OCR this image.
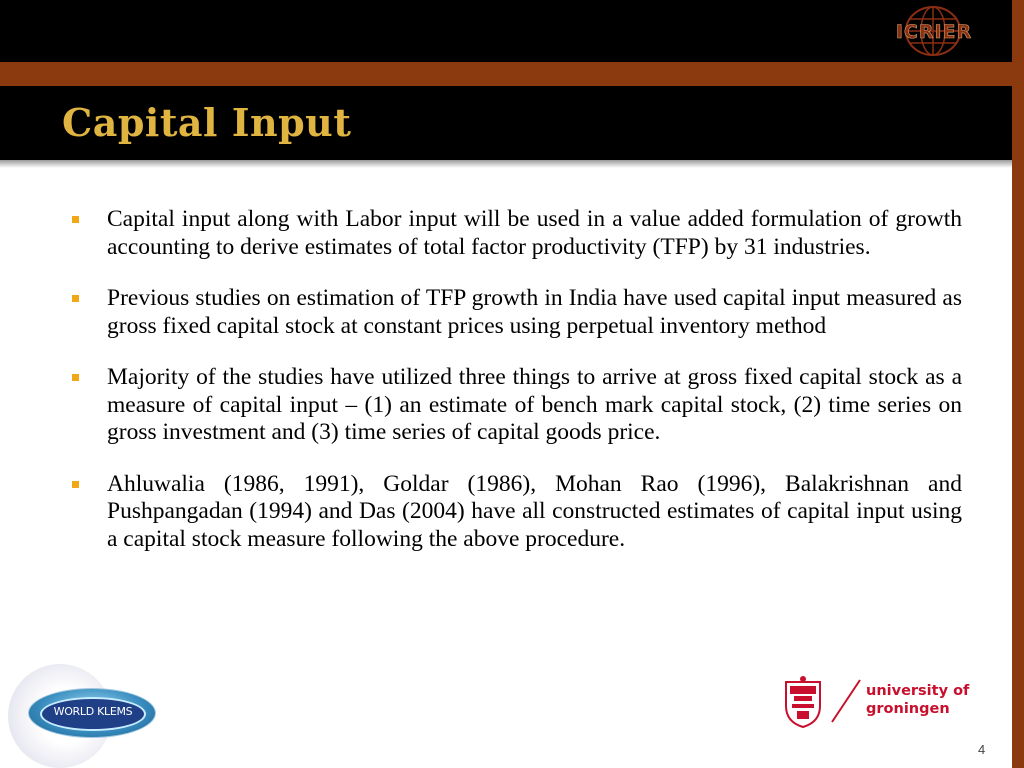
ICRIER
Capital Input

Capital input along with Labor input will be used in a value added formulation of growth accounting to derive estimates of total factor productivity (TFP) by 31 industries.

Previous studies on estimation of TFP growth in India have used capital input measured as gross fixed capital stock at constant prices using perpetual inventory method

Majority of the studies have utilized three things to arrive at gross fixed capital stock as a measure of capital input – (1) an estimate of bench mark capital stock, (2) time series on gross investment and (3) time series of capital goods price.

Ahluwalia (1986, 1991), Goldar (1986), Mohan Rao (1996), Balakrishnan and Pushpangadan (1994) and Das (2004) have all constructed estimates of capital input using a capital stock measure following the above procedure.

WORLD KLEMS
university of
groningen
4
